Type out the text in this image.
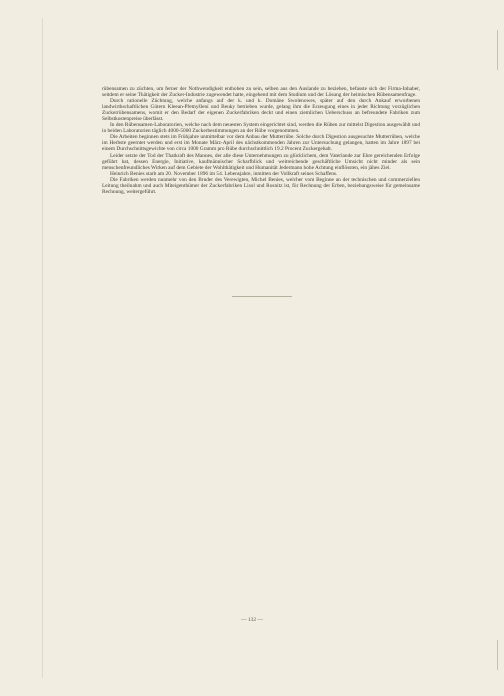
rübensamen zu züchten, um ferner der Nothwendigkeit enthoben zu sein, selben aus den Auslande zu beziehen, befasste sich der Firma-Inhaber, seitdem er seine Thätigkeit der Zucker-Industrie zugewendet hatte, eingehend mit dem Studium und der Lösung der heimischen Rübensamenfrage.

Durch rationelle Züchtung, welche anfangs auf der k. und k. Domäne Swolenowes, später auf den durch Ankauf erworbenen landwirthschaftlichen Gütern Kleean-Přemyšlení und Beuky betrieben wurde, gelang ihm die Erzeugung eines in jeder Richtung vorzüglichen Zuckerrübensamens, womit er den Bedarf der eigenen Zuckerfabriken deckt und einen ziemlichen Ueberschuss an befreundete Fabriken zum Selbstkostenpreise überlässt.

In den Rübensamen-Laboratorien, welche nach dem neuesten System eingerichtet sind, werden die Rüben zur mittelst Digestion ausgewählt und in beiden Laboratorien täglich 4000-5000 Zuckerbestimmungen an der Rübe vorgenommen.

Die Arbeiten beginnen stets im Frühjahre unmittelbar vor dem Anbau der Mutterrübe. Solche durch Digestion ausgesuchte Mutterrüben, welche im Herbste geerntet werden und erst im Monate März-April des nächstkommenden Jahren zur Untersuchung gelangen, hatten im Jahre 1897 bei einem Durchschnittsgewichte von circa 1000 Gramm pro Rübe durchschnittlich 19.2 Procent Zuckergehalt.

Leider setzte der Tod der Thatkraft des Mannes, der alle diese Unternehmungen zu glücklichem, dem Vaterlande zur Ehre gereichenden Erfolge geführt hat, dessen Energie, Initiative, kaufmännischer Scharfblick und weitreichende geschäftliche Umsicht nicht minder als sein menschenfreundliches Wirken auf dem Gebiete der Wohlthätigkeit und Humanität Jedermann hohe Achtung einflössten, ein jähes Ziel.

Heinrich Benies starb am 20. November 1896 im 54. Lebensjahre, inmitten der Vollkraft seines Schaffens.

Die Fabriken werden nunmehr von den Bruder des Verewigten, Michel Benies, welcher vom Beginne an der technischen und commerziellen Leitung theilnahm und auch Miteigenthümer der Zuckerfabriken Lisol und Rosnitz ist, für Rechnung der Erben, beziehungsweise für gemeinsame Rechnung, weitergeführt.

— 132 —
